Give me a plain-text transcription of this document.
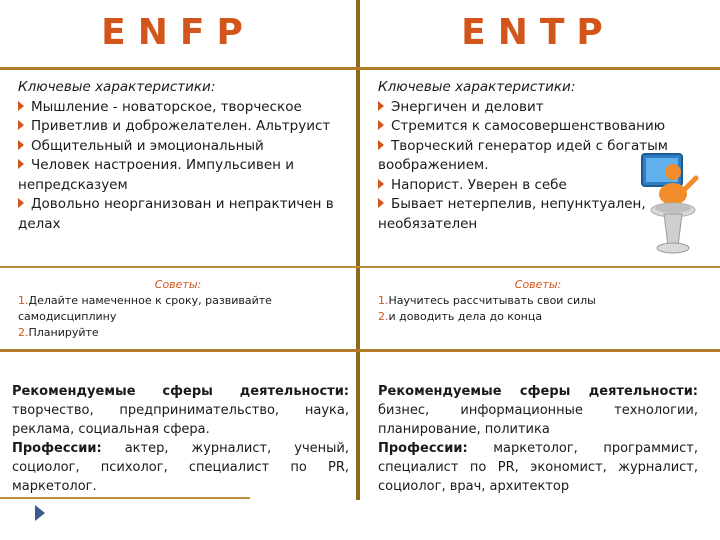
ENFP	ENTP
Ключевые характеристики:
Мышление - новаторское, творческое
Приветлив и доброжелателен. Альтруист
Общительный и эмоциональный
Человек настроения. Импульсивен и
непредсказуем
Довольно неорганизован и непрактичен в
делах
Ключевые характеристики:
Энергичен и деловит
Стремится к самосовершенствованию
Творческий генератор идей с богатым
воображением.
Напорист. Уверен в себе
Бывает нетерпелив, непунктуален,
необязателен
Советы:
1.Делайте намеченное к сроку, развивайте самодисциплину
2.Планируйте
Советы:
1.Научитесь рассчитывать свои силы
2.и доводить дела до конца
Рекомендуемые сферы деятельности: творчество, предпринимательство, наука, реклама, социальная сфера.
Профессии: актер, журналист, ученый, социолог, психолог, специалист по PR, маркетолог.
Рекомендуемые сферы деятельности: бизнес, информационные технологии, планирование, политика
Профессии: маркетолог, программист, специалист по PR, экономист, журналист, социолог, врач, архитектор
